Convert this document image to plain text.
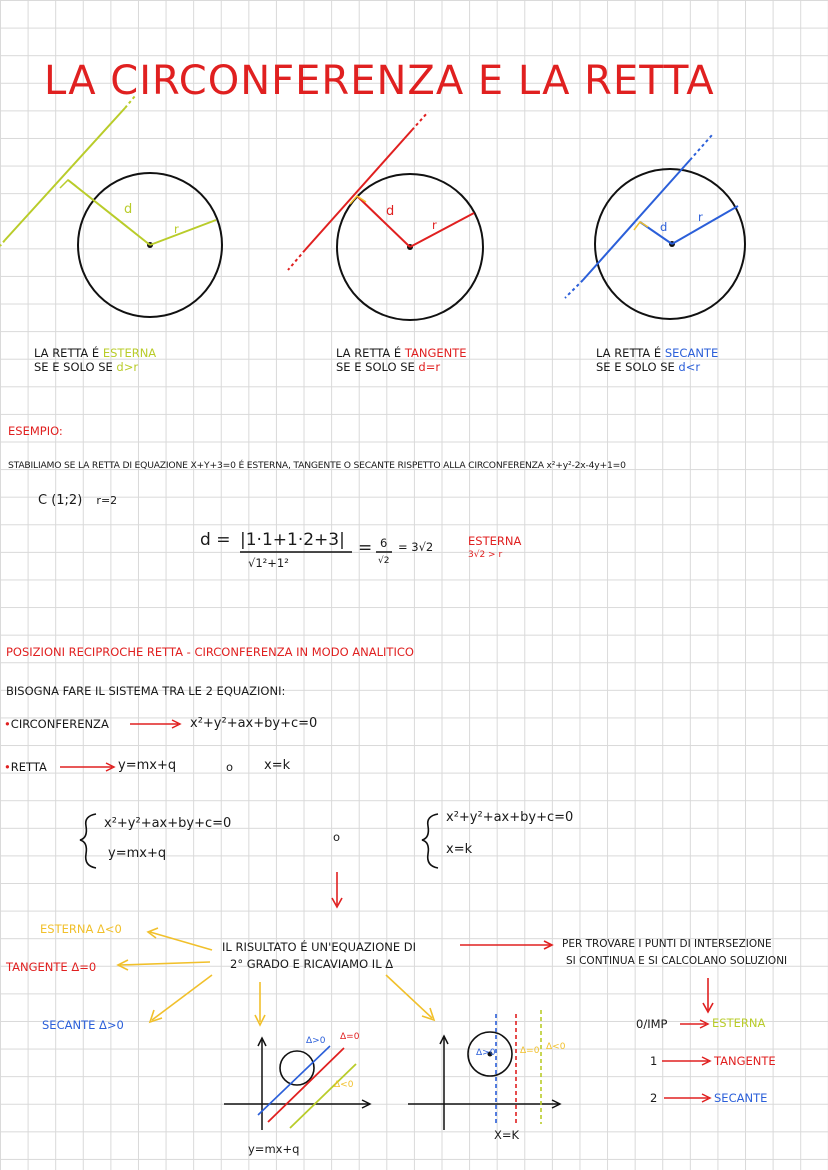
LA CIRCONFERENZA E LA RETTA
d
r
d
r	d
r
LA RETTA É ESTERNA
SE E SOLO SE d>r
LA RETTA É TANGENTE
SE E SOLO SE d=r
LA RETTA É SECANTE
SE E SOLO SE d<r
ESEMPIO:
STABILIAMO SE LA RETTA DI EQUAZIONE X+Y+3=0 É ESTERNA, TANGENTE O SECANTE RISPETTO ALLA CIRCONFERENZA x²+y²-2x-4y+1=0
C (1;2) r=2
d = |1·1+1·2+3|
√1²+1²
= 6
√2
= 3√2	ESTERNA
3√2 > r
POSIZIONI RECIPROCHE RETTA - CIRCONFERENZA IN MODO ANALITICO
BISOGNA FARE IL SISTEMA TRA LE 2 EQUAZIONI:
•CIRCONFERENZA	x²+y²+ax+by+c=0
•RETTA	y=mx+q	o x=k
x²+y²+ax+by+c=0
y=mx+q
o
x²+y²+ax+by+c=0
x=k
IL RISULTATO É UN'EQUAZIONE DI
2° GRADO E RICAVIAMO IL Δ
PER TROVARE I PUNTI DI INTERSEZIONE
SI CONTINUA E SI CALCOLANO SOLUZIONI
ESTERNA Δ<0
TANGENTE Δ=0
SECANTE Δ>0	0/IMP	ESTERNA
1	TANGENTE
2	SECANTE
Δ>0 Δ=0
Δ<0
y=mx+q
Δ>0	Δ=0 Δ<0
X=K
